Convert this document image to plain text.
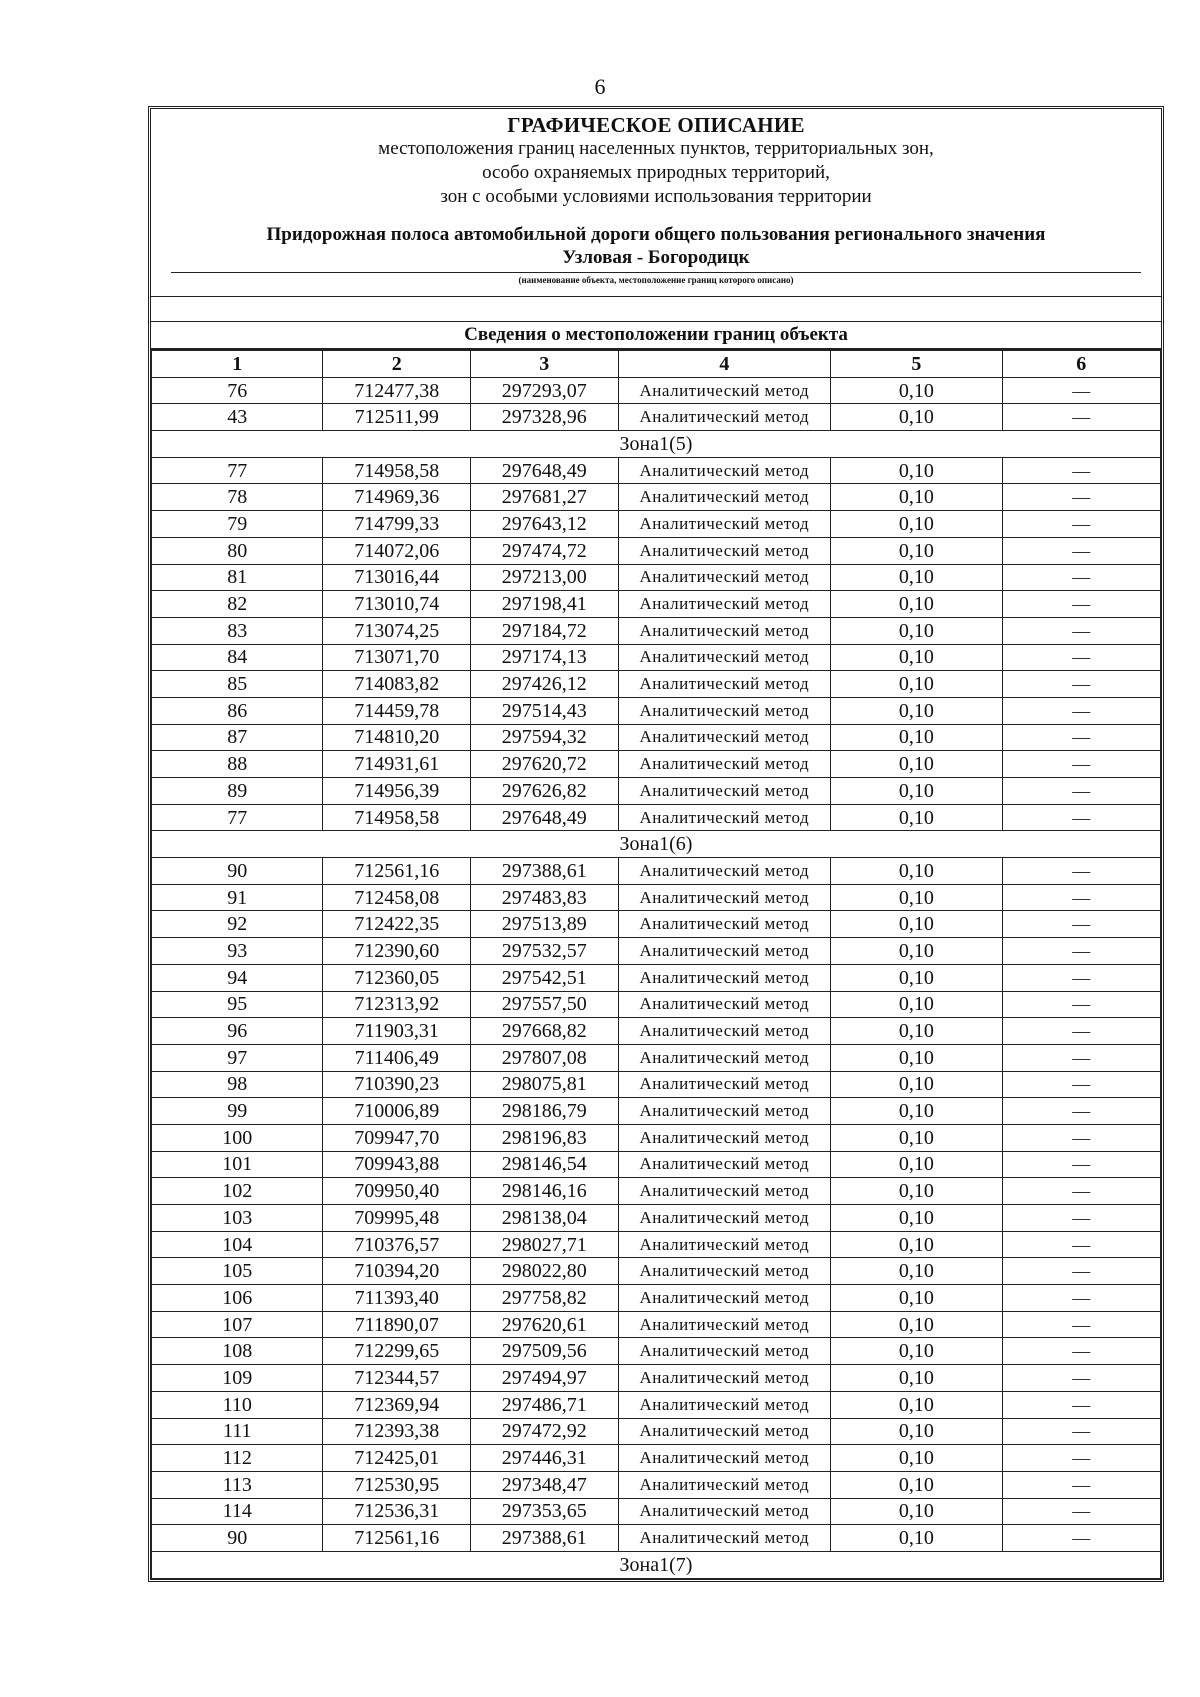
6
ГРАФИЧЕСКОЕ ОПИСАНИЕ
местоположения границ населенных пунктов, территориальных зон,
особо охраняемых природных территорий,
зон с особыми условиями использования территории
Придорожная полоса автомобильной дороги общего пользования регионального значения
Узловая - Богородицк
(наименование объекта, местоположение границ которого описано)
Сведения о местоположении границ объекта
1	2	3	4	5	6
76	712477,38	297293,07	Аналитический метод	0,10	—
43	712511,99	297328,96	Аналитический метод	0,10	—
Зона1(5)					
77	714958,58	297648,49	Аналитический метод	0,10	—
78	714969,36	297681,27	Аналитический метод	0,10	—
79	714799,33	297643,12	Аналитический метод	0,10	—
80	714072,06	297474,72	Аналитический метод	0,10	—
81	713016,44	297213,00	Аналитический метод	0,10	—
82	713010,74	297198,41	Аналитический метод	0,10	—
83	713074,25	297184,72	Аналитический метод	0,10	—
84	713071,70	297174,13	Аналитический метод	0,10	—
85	714083,82	297426,12	Аналитический метод	0,10	—
86	714459,78	297514,43	Аналитический метод	0,10	—
87	714810,20	297594,32	Аналитический метод	0,10	—
88	714931,61	297620,72	Аналитический метод	0,10	—
89	714956,39	297626,82	Аналитический метод	0,10	—
77	714958,58	297648,49	Аналитический метод	0,10	—
Зона1(6)					
90	712561,16	297388,61	Аналитический метод	0,10	—
91	712458,08	297483,83	Аналитический метод	0,10	—
92	712422,35	297513,89	Аналитический метод	0,10	—
93	712390,60	297532,57	Аналитический метод	0,10	—
94	712360,05	297542,51	Аналитический метод	0,10	—
95	712313,92	297557,50	Аналитический метод	0,10	—
96	711903,31	297668,82	Аналитический метод	0,10	—
97	711406,49	297807,08	Аналитический метод	0,10	—
98	710390,23	298075,81	Аналитический метод	0,10	—
99	710006,89	298186,79	Аналитический метод	0,10	—
100	709947,70	298196,83	Аналитический метод	0,10	—
101	709943,88	298146,54	Аналитический метод	0,10	—
102	709950,40	298146,16	Аналитический метод	0,10	—
103	709995,48	298138,04	Аналитический метод	0,10	—
104	710376,57	298027,71	Аналитический метод	0,10	—
105	710394,20	298022,80	Аналитический метод	0,10	—
106	711393,40	297758,82	Аналитический метод	0,10	—
107	711890,07	297620,61	Аналитический метод	0,10	—
108	712299,65	297509,56	Аналитический метод	0,10	—
109	712344,57	297494,97	Аналитический метод	0,10	—
110	712369,94	297486,71	Аналитический метод	0,10	—
111	712393,38	297472,92	Аналитический метод	0,10	—
112	712425,01	297446,31	Аналитический метод	0,10	—
113	712530,95	297348,47	Аналитический метод	0,10	—
114	712536,31	297353,65	Аналитический метод	0,10	—
90	712561,16	297388,61	Аналитический метод	0,10	—
Зона1(7)					
